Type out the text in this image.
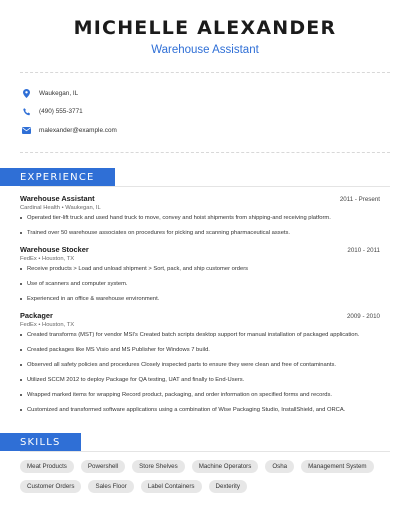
MICHELLE ALEXANDER
Warehouse Assistant
Waukegan, IL
(490) 555-3771
malexander@example.com
EXPERIENCE
Warehouse Assistant	2011 - Present
Cardinal Health • Waukegan, IL
Operated tier-lift truck and used hand truck to move, convey and hoist shipments from shipping-and receiving platform.
Trained over 50 warehouse associates on procedures for picking and scanning pharmaceutical assets.
Warehouse Stocker	2010 - 2011
FedEx • Houston, TX
Receive products > Load and unload shipment > Sort, pack, and ship customer orders
Use of scanners and computer system.
Experienced in an office & warehouse environment.
Packager	2009 - 2010
FedEx • Houston, TX
Created transforms (MST) for vendor MSI's Created batch scripts desktop support for manual installation of packaged application.
Created packages like MS Visio and MS Publisher for Windows 7 build.
Observed all safety policies and procedures Closely inspected parts to ensure they were clean and free of contaminants.
Utilized SCCM 2012 to deploy Package for QA testing, UAT and finally to End-Users.
Wrapped marked items for wrapping Record product, packaging, and order information on specified forms and records.
Customized and transformed software applications using a combination of Wise Packaging Studio, InstallShield, and ORCA.
SKILLS
Meat Products	Powershell	Store Shelves	Machine Operators	Osha	Management System
Customer Orders	Sales Floor	Label Containers	Dexterity
